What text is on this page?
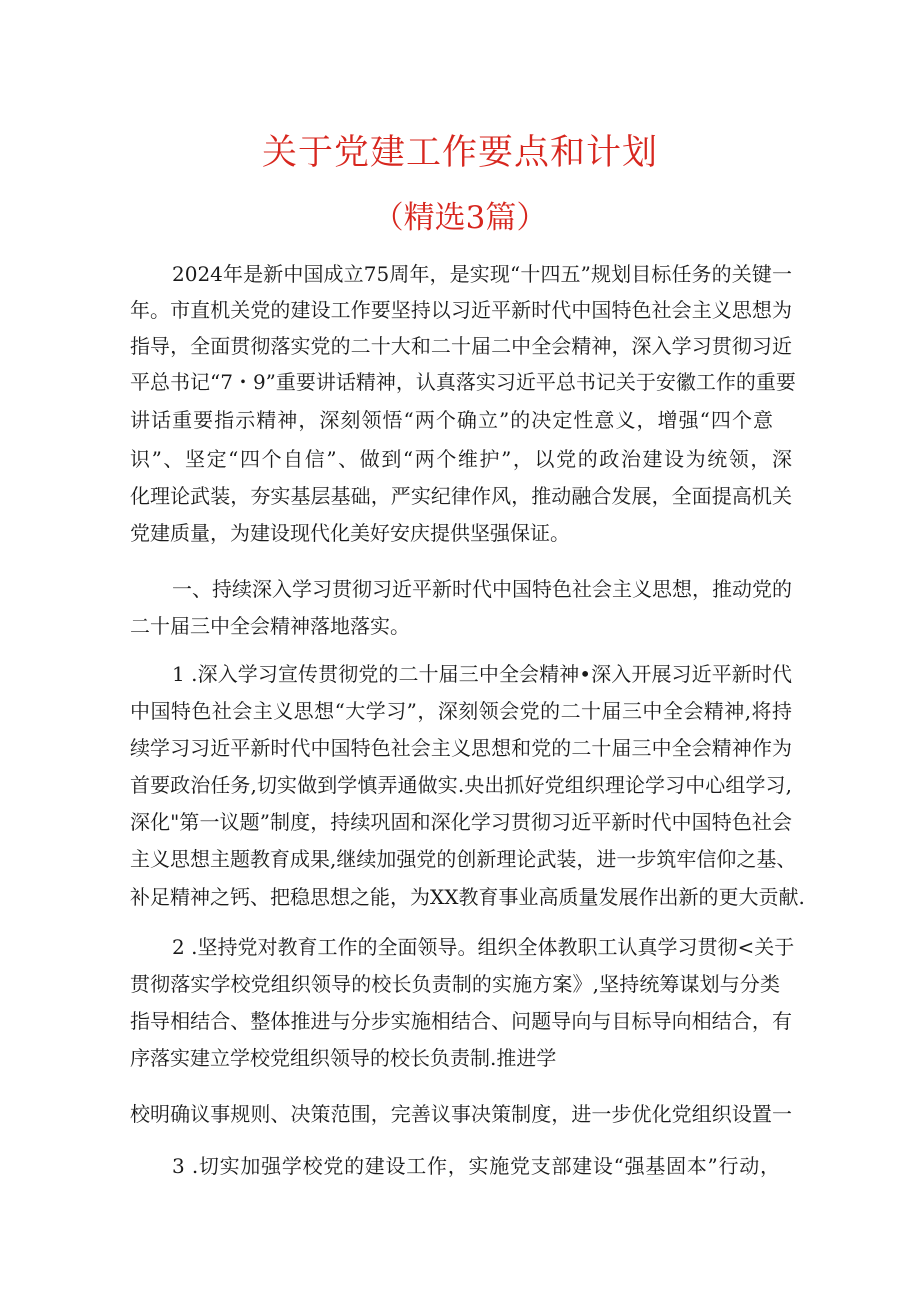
关于党建工作要点和计划
（精选3篇）
2024年是新中国成立75周年，是实现“十四五”规划目标任务的关键一
年。市直机关党的建设工作要坚持以习近平新时代中国特色社会主义思想为
指导，全面贯彻落实党的二十大和二十届二中全会精神，深入学习贯彻习近
平总书记“7・9”重要讲话精神，认真落实习近平总书记关于安徽工作的重要
讲话重要指示精神，深刻领悟“两个确立”的决定性意义，增强“四个意
识”、坚定“四个自信”、做到“两个维护”，以党的政治建设为统领，深
化理论武装，夯实基层基础，严实纪律作风，推动融合发展，全面提高机关
党建质量，为建设现代化美好安庆提供坚强保证。
一、持续深入学习贯彻习近平新时代中国特色社会主义思想，推动党的
二十届三中全会精神落地落实。
1 .深入学习宣传贯彻党的二十届三中全会精神•深入开展习近平新时代
中国特色社会主义思想“大学习”，深刻领会党的二十届三中全会精神,将持
续学习习近平新时代中国特色社会主义思想和党的二十届三中全会精神作为
首要政治任务,切实做到学慎弄通做实.央出抓好党组织理论学习中心组学习,
深化"第一议题”制度，持续巩固和深化学习贯彻习近平新时代中国特色社会
主义思想主题教育成果,继续加强党的创新理论武装，进一步筑牢信仰之基、
补足精神之钙、把稳思想之能，为XX教育事业高质量发展作出新的更大贡献.
2 .坚持党对教育工作的全面领导。组织全体教职工认真学习贯彻<关于
贯彻落实学校党组织领导的校长负责制的实施方案》,坚持统筹谋划与分类
指导相结合、整体推进与分步实施相结合、问题导向与目标导向相结合，有
序落实建立学校党组织领导的校长负责制.推进学
校明确议事规则、决策范围，完善议事决策制度，进一步优化党组织设置一
3 .切实加强学校党的建设工作，实施党支部建设“强基固本”行动，
